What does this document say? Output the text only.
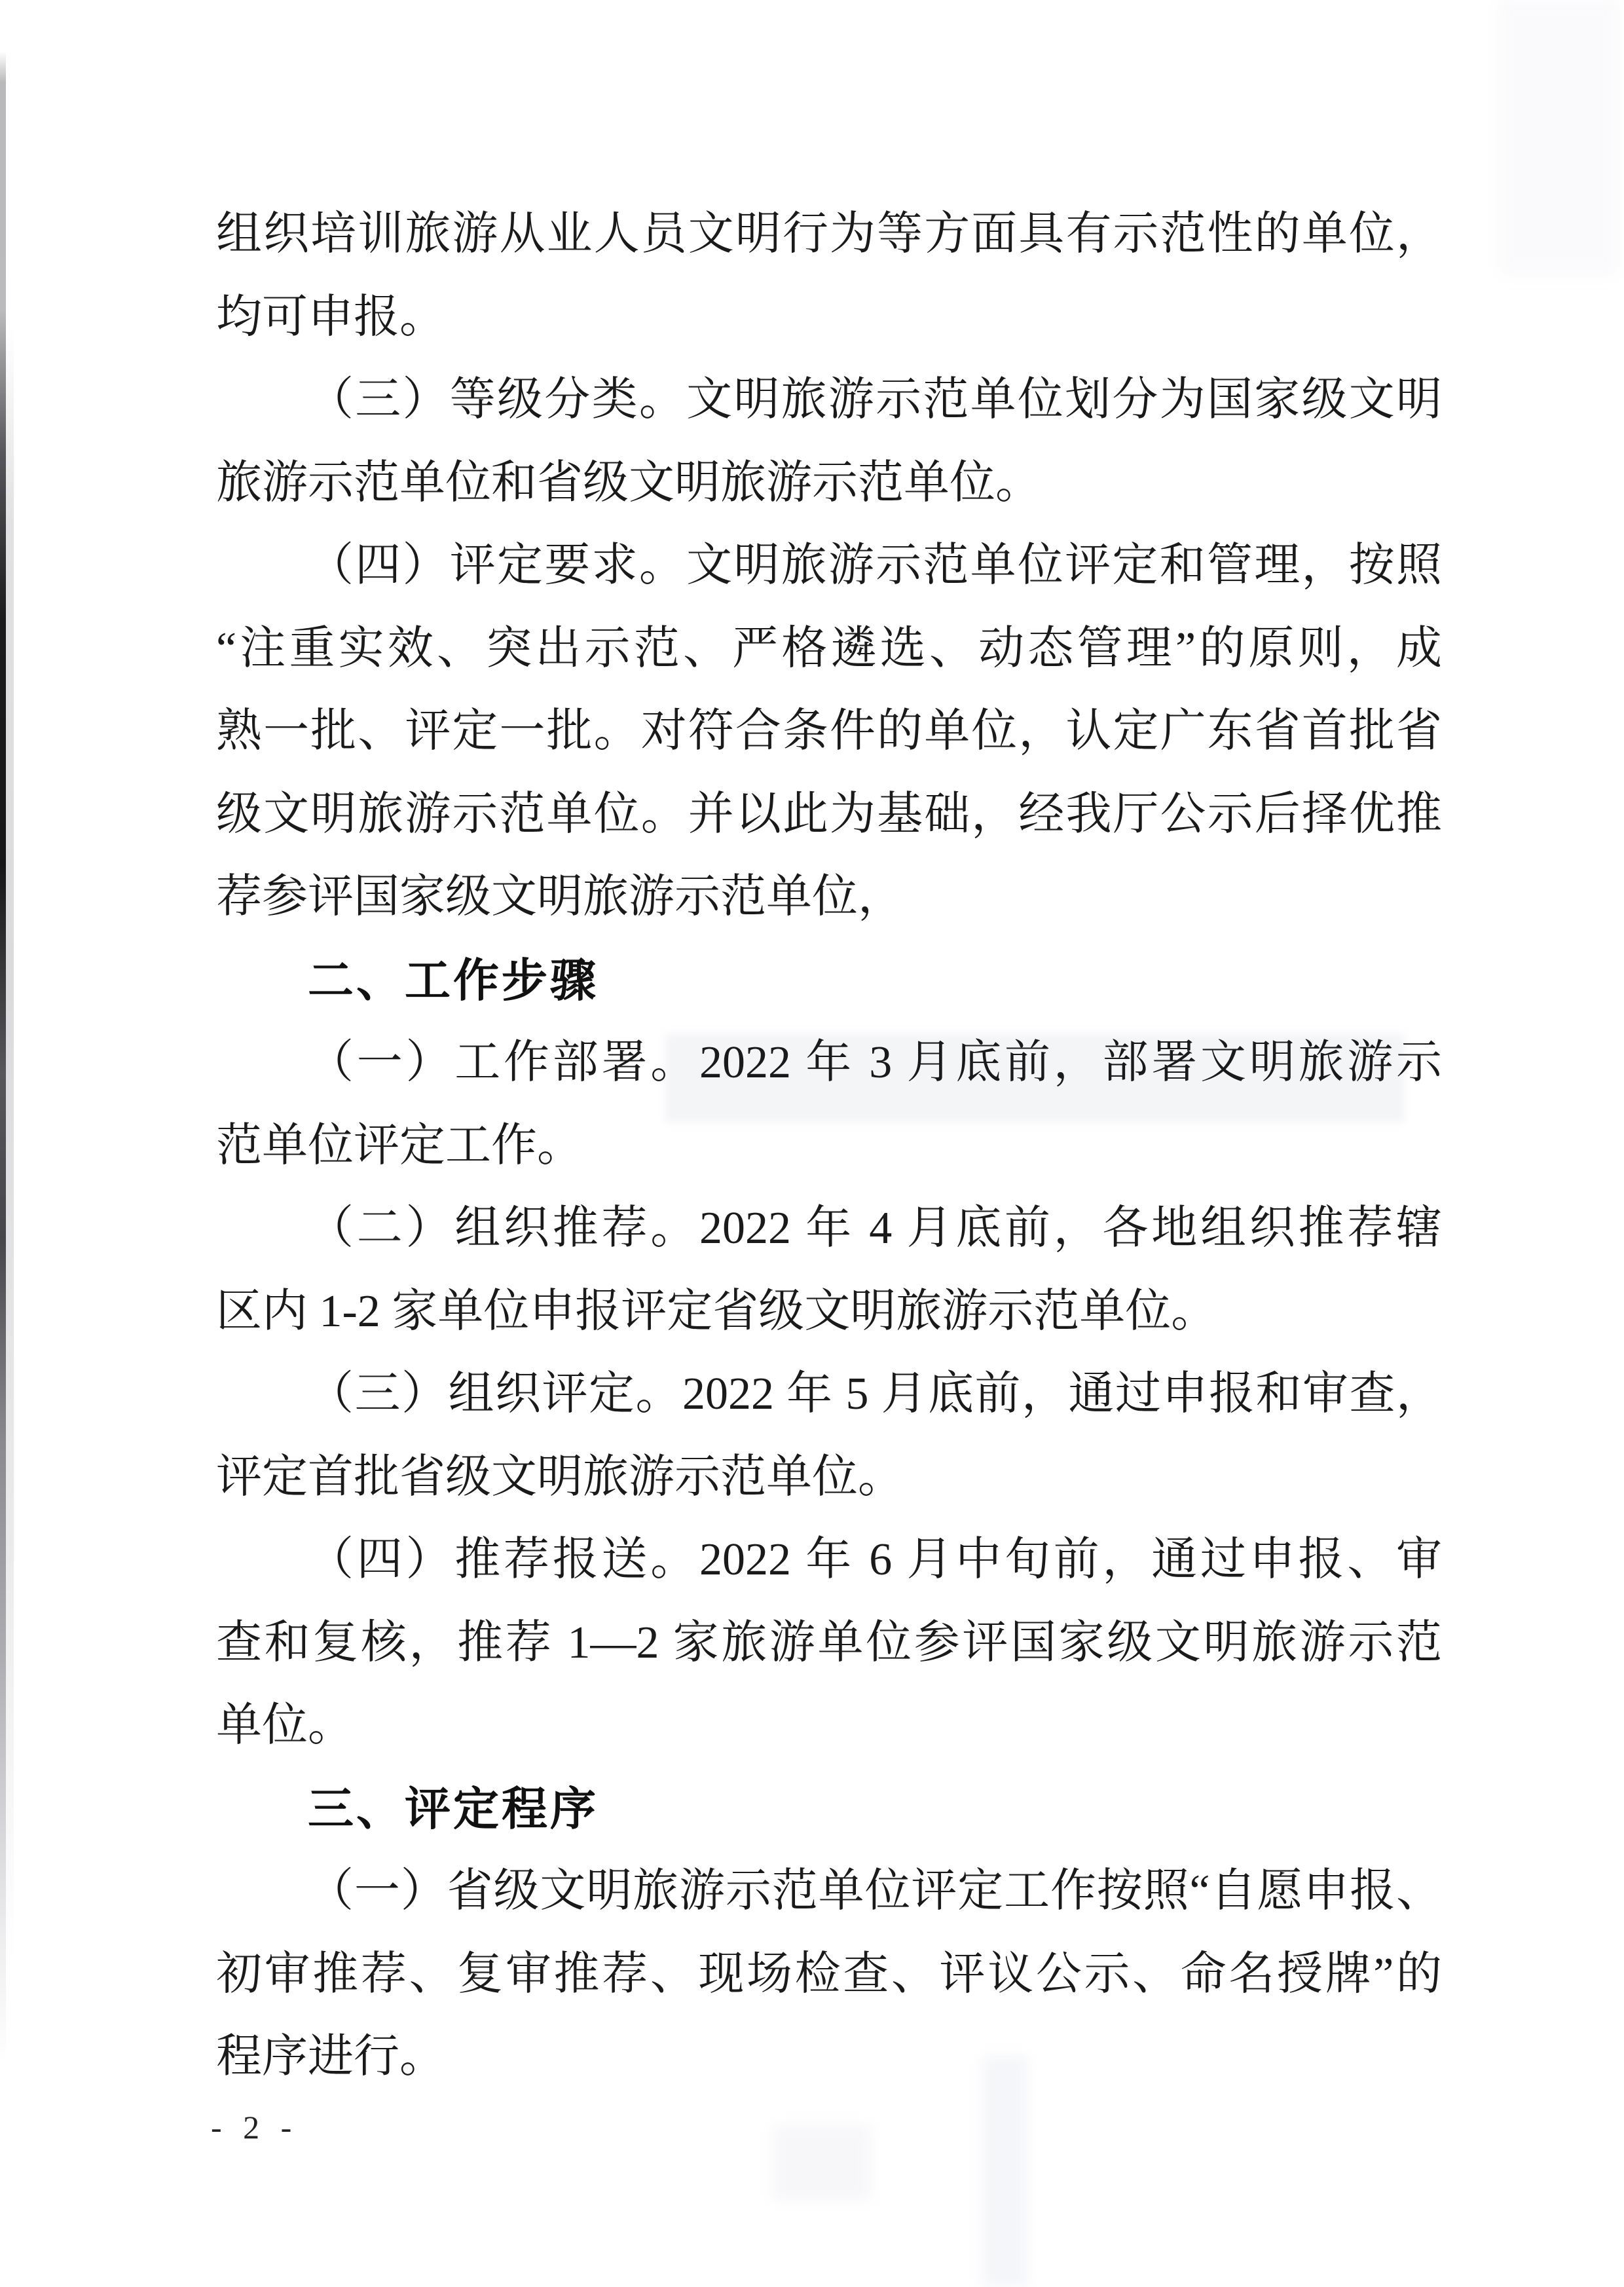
组织培训旅游从业人员文明行为等方面具有示范性的单位，
均可申报。
（三）等级分类。文明旅游示范单位划分为国家级文明
旅游示范单位和省级文明旅游示范单位。
（四）评定要求。文明旅游示范单位评定和管理，按照
“注重实效、突出示范、严格遴选、动态管理”的原则，成
熟一批、评定一批。对符合条件的单位，认定广东省首批省
级文明旅游示范单位。并以此为基础，经我厅公示后择优推
荐参评国家级文明旅游示范单位，
二、工作步骤
（一）工作部署。2022 年 3 月底前，部署文明旅游示
范单位评定工作。
（二）组织推荐。2022 年 4 月底前，各地组织推荐辖
区内 1-2 家单位申报评定省级文明旅游示范单位。
（三）组织评定。2022 年 5 月底前，通过申报和审查，
评定首批省级文明旅游示范单位。
（四）推荐报送。2022 年 6 月中旬前，通过申报、审
查和复核，推荐 1—2 家旅游单位参评国家级文明旅游示范
单位。
三、评定程序
（一）省级文明旅游示范单位评定工作按照“自愿申报、
初审推荐、复审推荐、现场检查、评议公示、命名授牌”的
程序进行。
- 2 -
